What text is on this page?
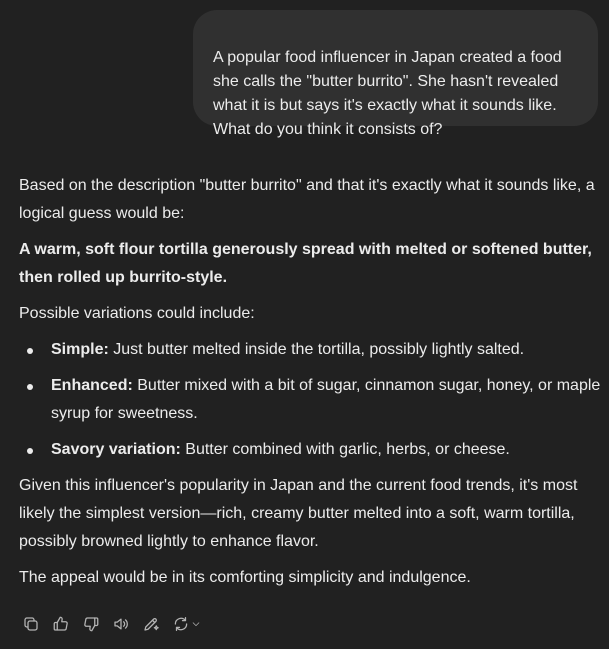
A popular food influencer in Japan created a food she calls the "butter burrito". She hasn't revealed what it is but says it's exactly what it sounds like. What do you think it consists of?

Based on the description "butter burrito" and that it's exactly what it sounds like, a logical guess would be:

A warm, soft flour tortilla generously spread with melted or softened butter, then rolled up burrito-style.

Possible variations could include:

Simple: Just butter melted inside the tortilla, possibly lightly salted.
Enhanced: Butter mixed with a bit of sugar, cinnamon sugar, honey, or maple syrup for sweetness.
Savory variation: Butter combined with garlic, herbs, or cheese.

Given this influencer's popularity in Japan and the current food trends, it's most likely the simplest version—rich, creamy butter melted into a soft, warm tortilla, possibly browned lightly to enhance flavor.

The appeal would be in its comforting simplicity and indulgence.
